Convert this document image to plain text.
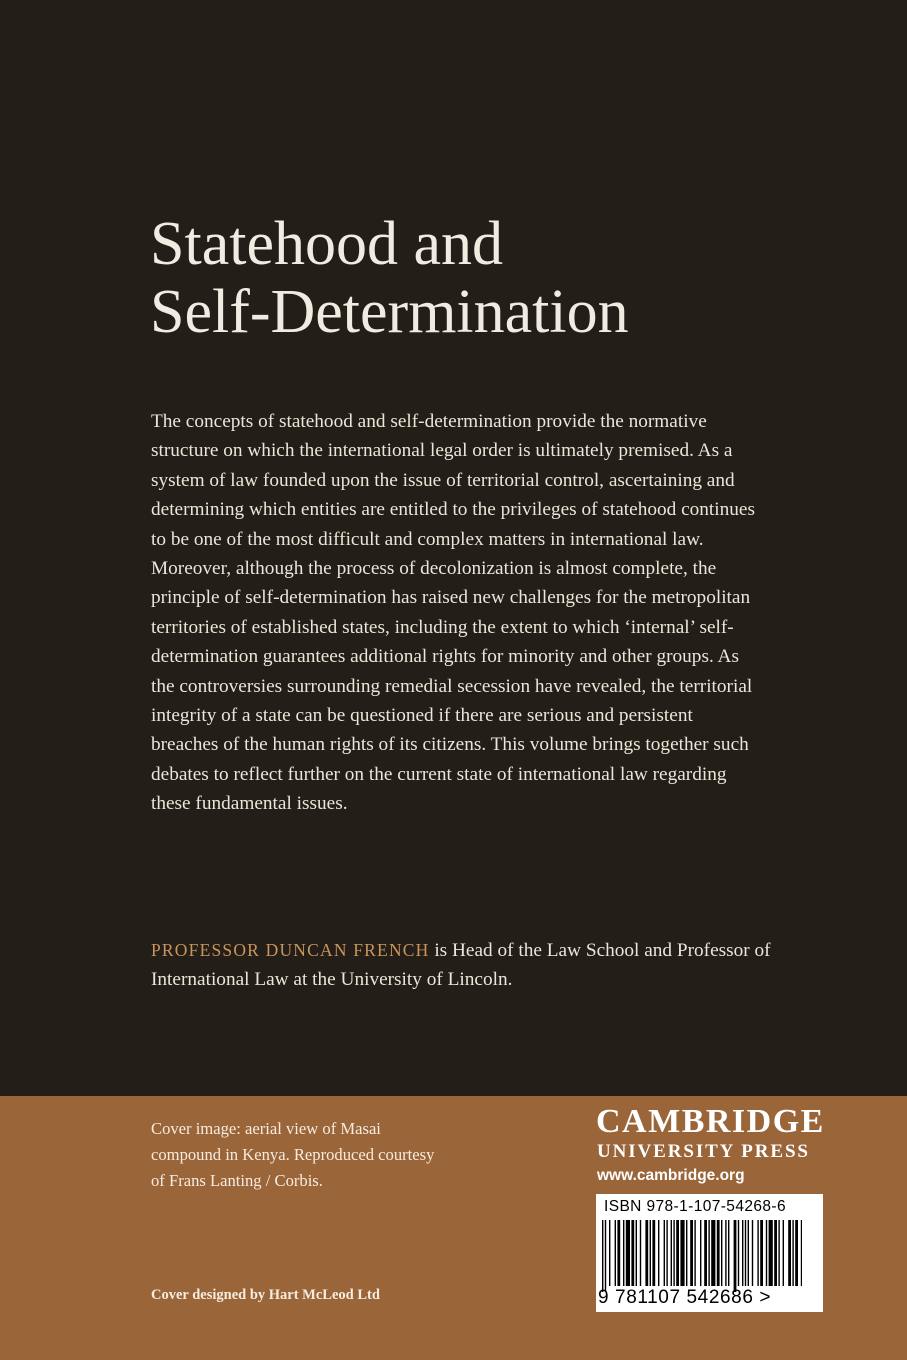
Statehood and
Self-Determination

The concepts of statehood and self-determination provide the normative structure on which the international legal order is ultimately premised. As a system of law founded upon the issue of territorial control, ascertaining and determining which entities are entitled to the privileges of statehood continues to be one of the most difficult and complex matters in international law. Moreover, although the process of decolonization is almost complete, the principle of self-determination has raised new challenges for the metropolitan territories of established states, including the extent to which ‘internal’ self-determination guarantees additional rights for minority and other groups. As the controversies surrounding remedial secession have revealed, the territorial integrity of a state can be questioned if there are serious and persistent breaches of the human rights of its citizens. This volume brings together such debates to reflect further on the current state of international law regarding these fundamental issues.

PROFESSOR DUNCAN FRENCH is Head of the Law School and Professor of International Law at the University of Lincoln.

Cover image: aerial view of Masai compound in Kenya. Reproduced courtesy of Frans Lanting / Corbis.

Cover designed by Hart McLeod Ltd

CAMBRIDGE

UNIVERSITY PRESS

www.cambridge.org

ISBN 978-1-107-54268-6

9 781107 542686 >
